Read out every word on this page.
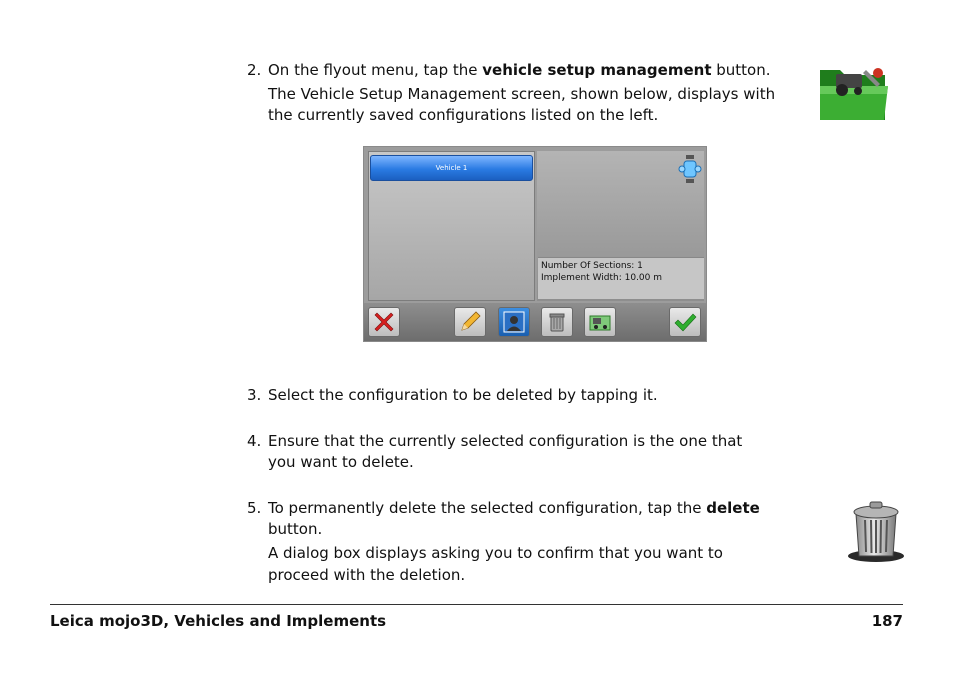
2. On the flyout menu, tap the vehicle setup management button.
The Vehicle Setup Management screen, shown below, displays with
the currently saved configurations listed on the left.
Vehicle 1
Number Of Sections: 1
Implement Width: 10.00 m
3. Select the configuration to be deleted by tapping it.
4. Ensure that the currently selected configuration is the one that
you want to delete.
5. To permanently delete the selected configuration, tap the delete
button.
A dialog box displays asking you to confirm that you want to
proceed with the deletion.
Leica mojo3D, Vehicles and Implements	187
